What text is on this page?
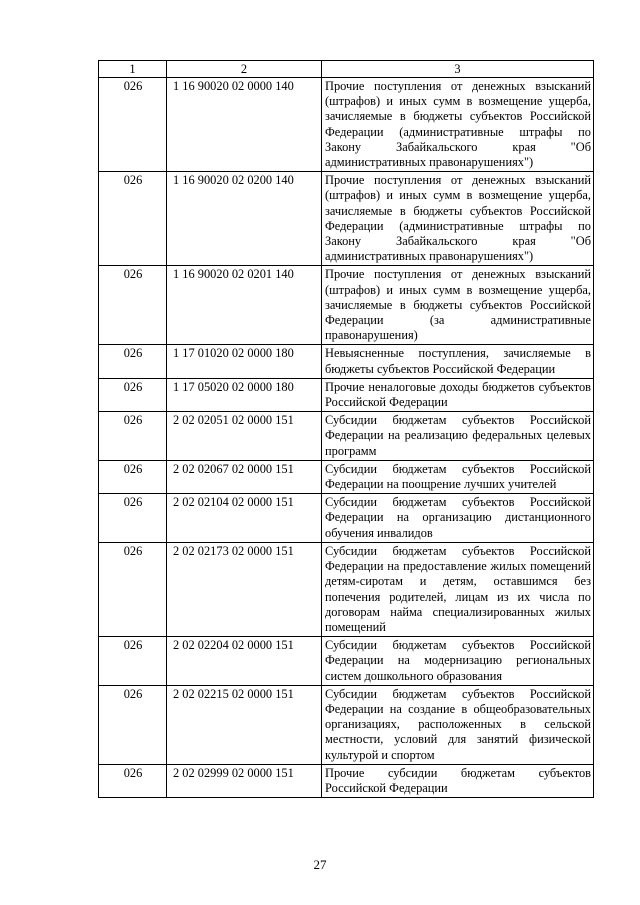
1	2	3
026	1 16 90020 02 0000 140	Прочие поступления от денежных взысканий (штрафов) и иных сумм в возмещение ущерба, зачисляемые в бюджеты субъектов Российской Федерации (административные штрафы по Закону Забайкальского края "Об административных правонарушениях")
026	1 16 90020 02 0200 140	Прочие поступления от денежных взысканий (штрафов) и иных сумм в возмещение ущерба, зачисляемые в бюджеты субъектов Российской Федерации (административные штрафы по Закону Забайкальского края "Об административных правонарушениях")
026	1 16 90020 02 0201 140	Прочие поступления от денежных взысканий (штрафов) и иных сумм в возмещение ущерба, зачисляемые в бюджеты субъектов Российской Федерации (за административные правонарушения)
026	1 17 01020 02 0000 180	Невыясненные поступления, зачисляемые в бюджеты субъектов Российской Федерации
026	1 17 05020 02 0000 180	Прочие неналоговые доходы бюджетов субъектов Российской Федерации
026	2 02 02051 02 0000 151	Субсидии бюджетам субъектов Российской Федерации на реализацию федеральных целевых программ
026	2 02 02067 02 0000 151	Субсидии бюджетам субъектов Российской Федерации на поощрение лучших учителей
026	2 02 02104 02 0000 151	Субсидии бюджетам субъектов Российской Федерации на организацию дистанционного обучения инвалидов
026	2 02 02173 02 0000 151	Субсидии бюджетам субъектов Российской Федерации на предоставление жилых помещений детям-сиротам и детям, оставшимся без попечения родителей, лицам из их числа по договорам найма специализированных жилых помещений
026	2 02 02204 02 0000 151	Субсидии бюджетам субъектов Российской Федерации на модернизацию региональных систем дошкольного образования
026	2 02 02215 02 0000 151	Субсидии бюджетам субъектов Российской Федерации на создание в общеобразовательных организациях, расположенных в сельской местности, условий для занятий физической культурой и спортом
026	2 02 02999 02 0000 151	Прочие субсидии бюджетам субъектов Российской Федерации
27
